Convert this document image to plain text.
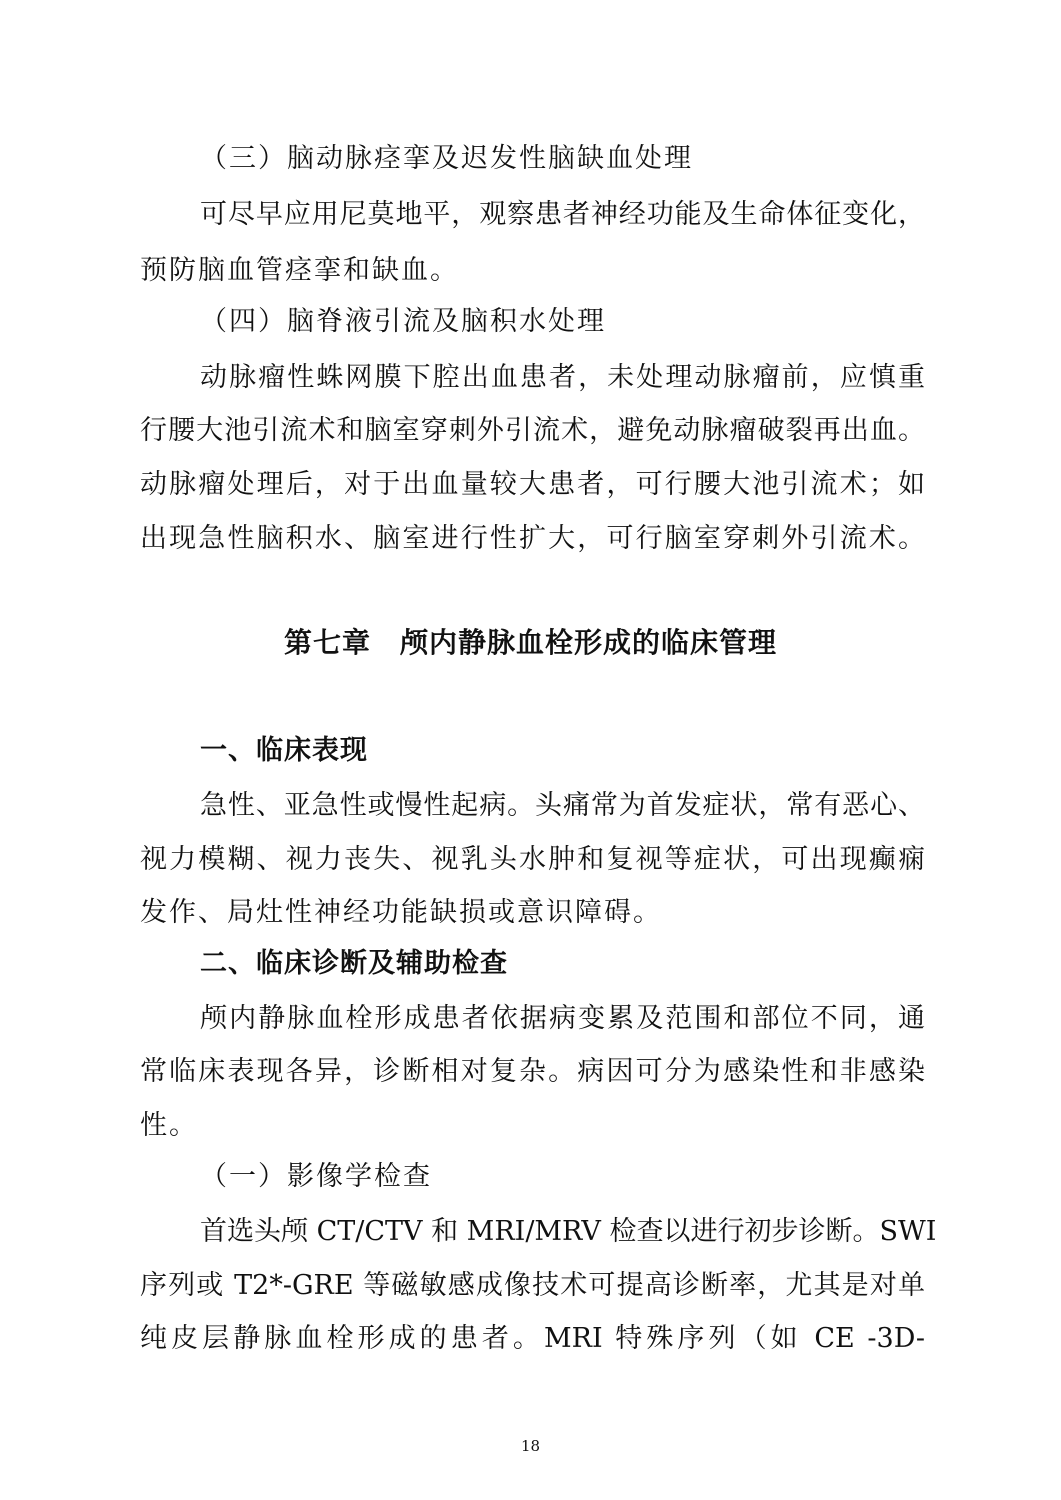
（三）脑动脉痉挛及迟发性脑缺血处理
可尽早应用尼莫地平，观察患者神经功能及生命体征变化，
预防脑血管痉挛和缺血。
（四）脑脊液引流及脑积水处理
动脉瘤性蛛网膜下腔出血患者，未处理动脉瘤前，应慎重
行腰大池引流术和脑室穿刺外引流术，避免动脉瘤破裂再出血。
动脉瘤处理后，对于出血量较大患者，可行腰大池引流术；如
出现急性脑积水、脑室进行性扩大，可行脑室穿刺外引流术。
第七章　颅内静脉血栓形成的临床管理
一、临床表现
急性、亚急性或慢性起病。头痛常为首发症状，常有恶心、
视力模糊、视力丧失、视乳头水肿和复视等症状，可出现癫痫
发作、局灶性神经功能缺损或意识障碍。
二、临床诊断及辅助检查
颅内静脉血栓形成患者依据病变累及范围和部位不同，通
常临床表现各异，诊断相对复杂。病因可分为感染性和非感染
性。
（一）影像学检查
首选头颅 CT/CTV 和 MRI/MRV 检查以进行初步诊断。SWI
序列或 T2*-GRE 等磁敏感成像技术可提高诊断率，尤其是对单
纯皮层静脉血栓形成的患者。MRI 特殊序列（如 CE -3D-
18
